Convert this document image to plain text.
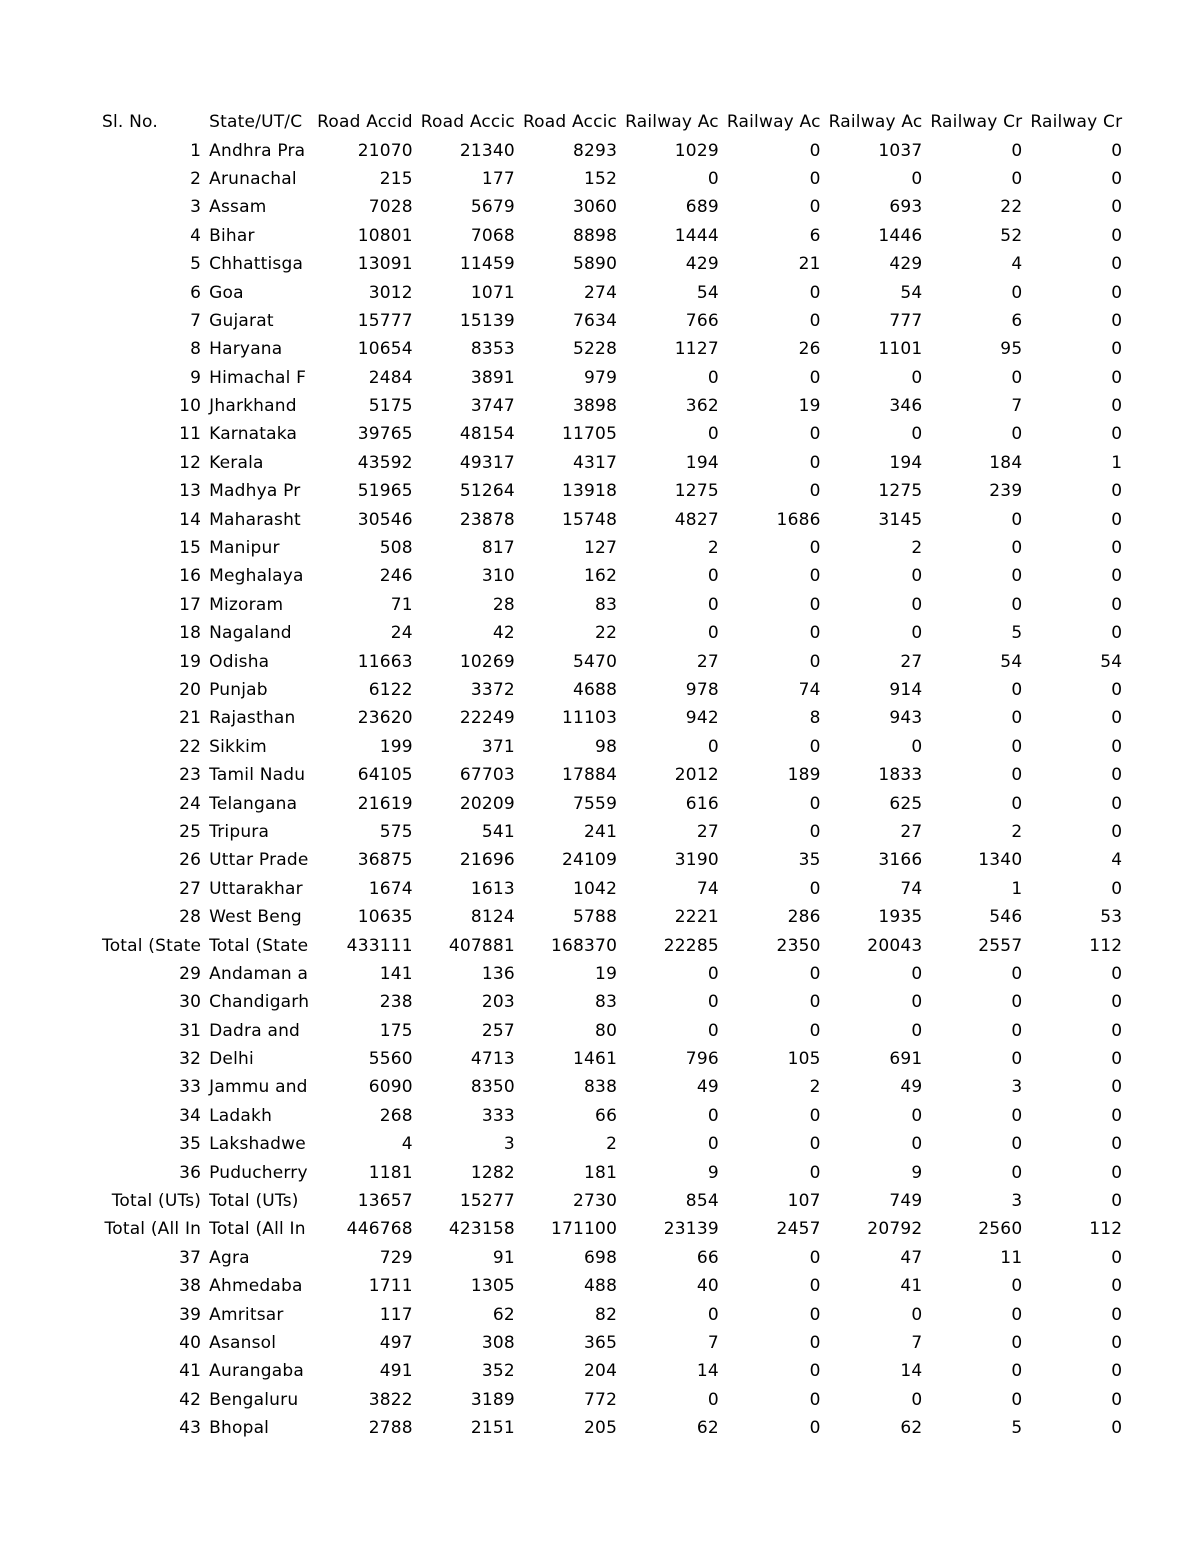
Sl. No.	State/UT/C	Road Accid	Road Accic	Road Accic	Railway Ac	Railway Ac	Railway Ac	Railway Cr	Railway Cr
1	Andhra Pra	21070	21340	8293	1029	0	1037	0	0
2	Arunachal	215	177	152	0	0	0	0	0
3	Assam	7028	5679	3060	689	0	693	22	0
4	Bihar	10801	7068	8898	1444	6	1446	52	0
5	Chhattisga	13091	11459	5890	429	21	429	4	0
6	Goa	3012	1071	274	54	0	54	0	0
7	Gujarat	15777	15139	7634	766	0	777	6	0
8	Haryana	10654	8353	5228	1127	26	1101	95	0
9	Himachal F	2484	3891	979	0	0	0	0	0
10	Jharkhand	5175	3747	3898	362	19	346	7	0
11	Karnataka	39765	48154	11705	0	0	0	0	0
12	Kerala	43592	49317	4317	194	0	194	184	1
13	Madhya Pr	51965	51264	13918	1275	0	1275	239	0
14	Maharasht	30546	23878	15748	4827	1686	3145	0	0
15	Manipur	508	817	127	2	0	2	0	0
16	Meghalaya	246	310	162	0	0	0	0	0
17	Mizoram	71	28	83	0	0	0	0	0
18	Nagaland	24	42	22	0	0	0	5	0
19	Odisha	11663	10269	5470	27	0	27	54	54
20	Punjab	6122	3372	4688	978	74	914	0	0
21	Rajasthan	23620	22249	11103	942	8	943	0	0
22	Sikkim	199	371	98	0	0	0	0	0
23	Tamil Nadu	64105	67703	17884	2012	189	1833	0	0
24	Telangana	21619	20209	7559	616	0	625	0	0
25	Tripura	575	541	241	27	0	27	2	0
26	Uttar Prade	36875	21696	24109	3190	35	3166	1340	4
27	Uttarakhar	1674	1613	1042	74	0	74	1	0
28	West Beng	10635	8124	5788	2221	286	1935	546	53
Total (State	Total (State	433111	407881	168370	22285	2350	20043	2557	112
29	Andaman a	141	136	19	0	0	0	0	0
30	Chandigarh	238	203	83	0	0	0	0	0
31	Dadra and	175	257	80	0	0	0	0	0
32	Delhi	5560	4713	1461	796	105	691	0	0
33	Jammu and	6090	8350	838	49	2	49	3	0
34	Ladakh	268	333	66	0	0	0	0	0
35	Lakshadwe	4	3	2	0	0	0	0	0
36	Puducherry	1181	1282	181	9	0	9	0	0
Total (UTs)	Total (UTs)	13657	15277	2730	854	107	749	3	0
Total (All In	Total (All In	446768	423158	171100	23139	2457	20792	2560	112
37	Agra	729	91	698	66	0	47	11	0
38	Ahmedaba	1711	1305	488	40	0	41	0	0
39	Amritsar	117	62	82	0	0	0	0	0
40	Asansol	497	308	365	7	0	7	0	0
41	Aurangaba	491	352	204	14	0	14	0	0
42	Bengaluru	3822	3189	772	0	0	0	0	0
43	Bhopal	2788	2151	205	62	0	62	5	0
